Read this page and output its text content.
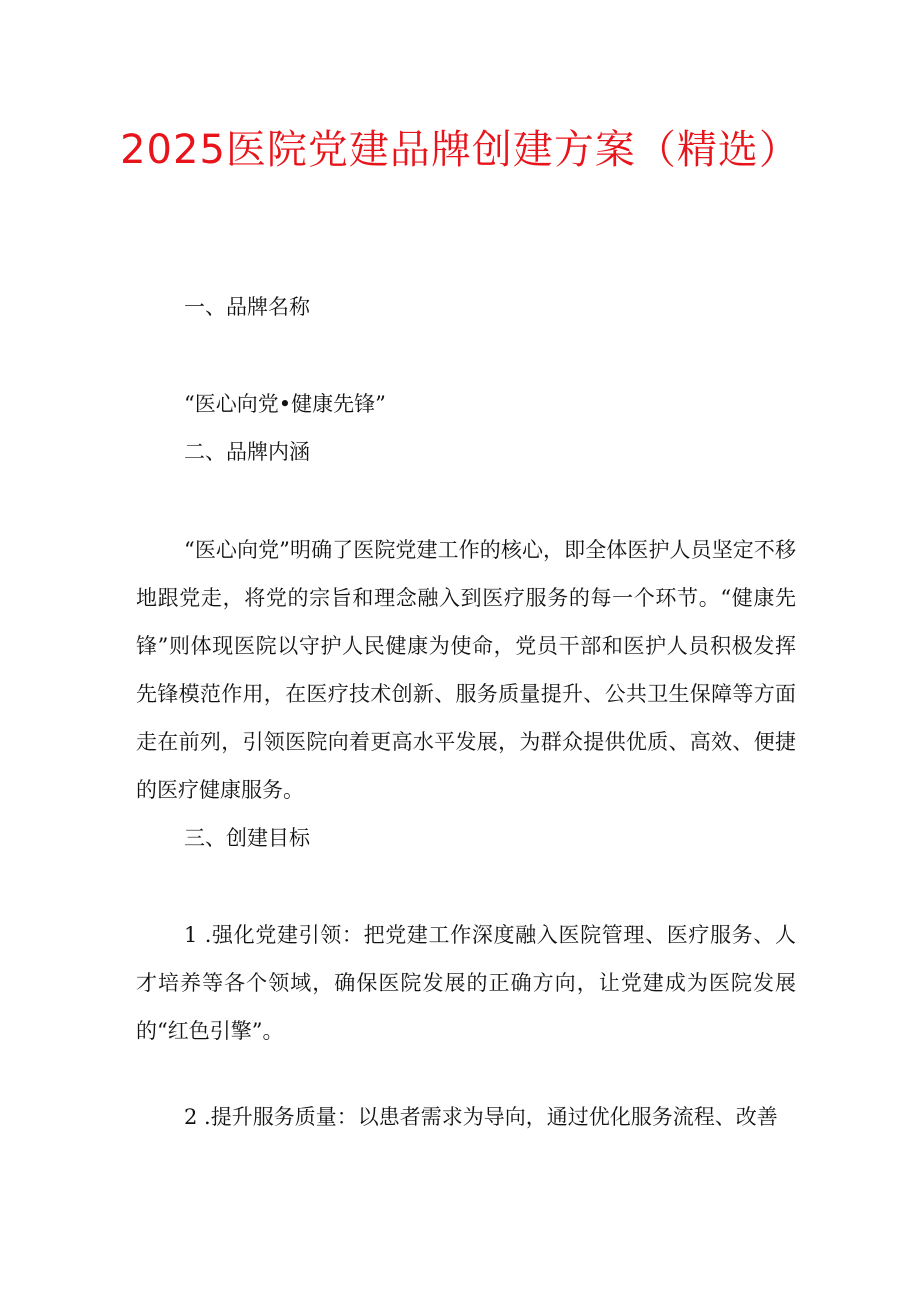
2025医院党建品牌创建方案（精选）
一、品牌名称
“医心向党•健康先锋”
二、品牌内涵
“医心向党”明确了医院党建工作的核心，即全体医护人员坚定不移地跟党走，将党的宗旨和理念融入到医疗服务的每一个环节。“健康先锋”则体现医院以守护人民健康为使命，党员干部和医护人员积极发挥先锋模范作用，在医疗技术创新、服务质量提升、公共卫生保障等方面走在前列，引领医院向着更高水平发展，为群众提供优质、高效、便捷的医疗健康服务。
三、创建目标
1 .强化党建引领：把党建工作深度融入医院管理、医疗服务、人才培养等各个领域，确保医院发展的正确方向，让党建成为医院发展的“红色引擎”。
2 .提升服务质量：以患者需求为导向，通过优化服务流程、改善
